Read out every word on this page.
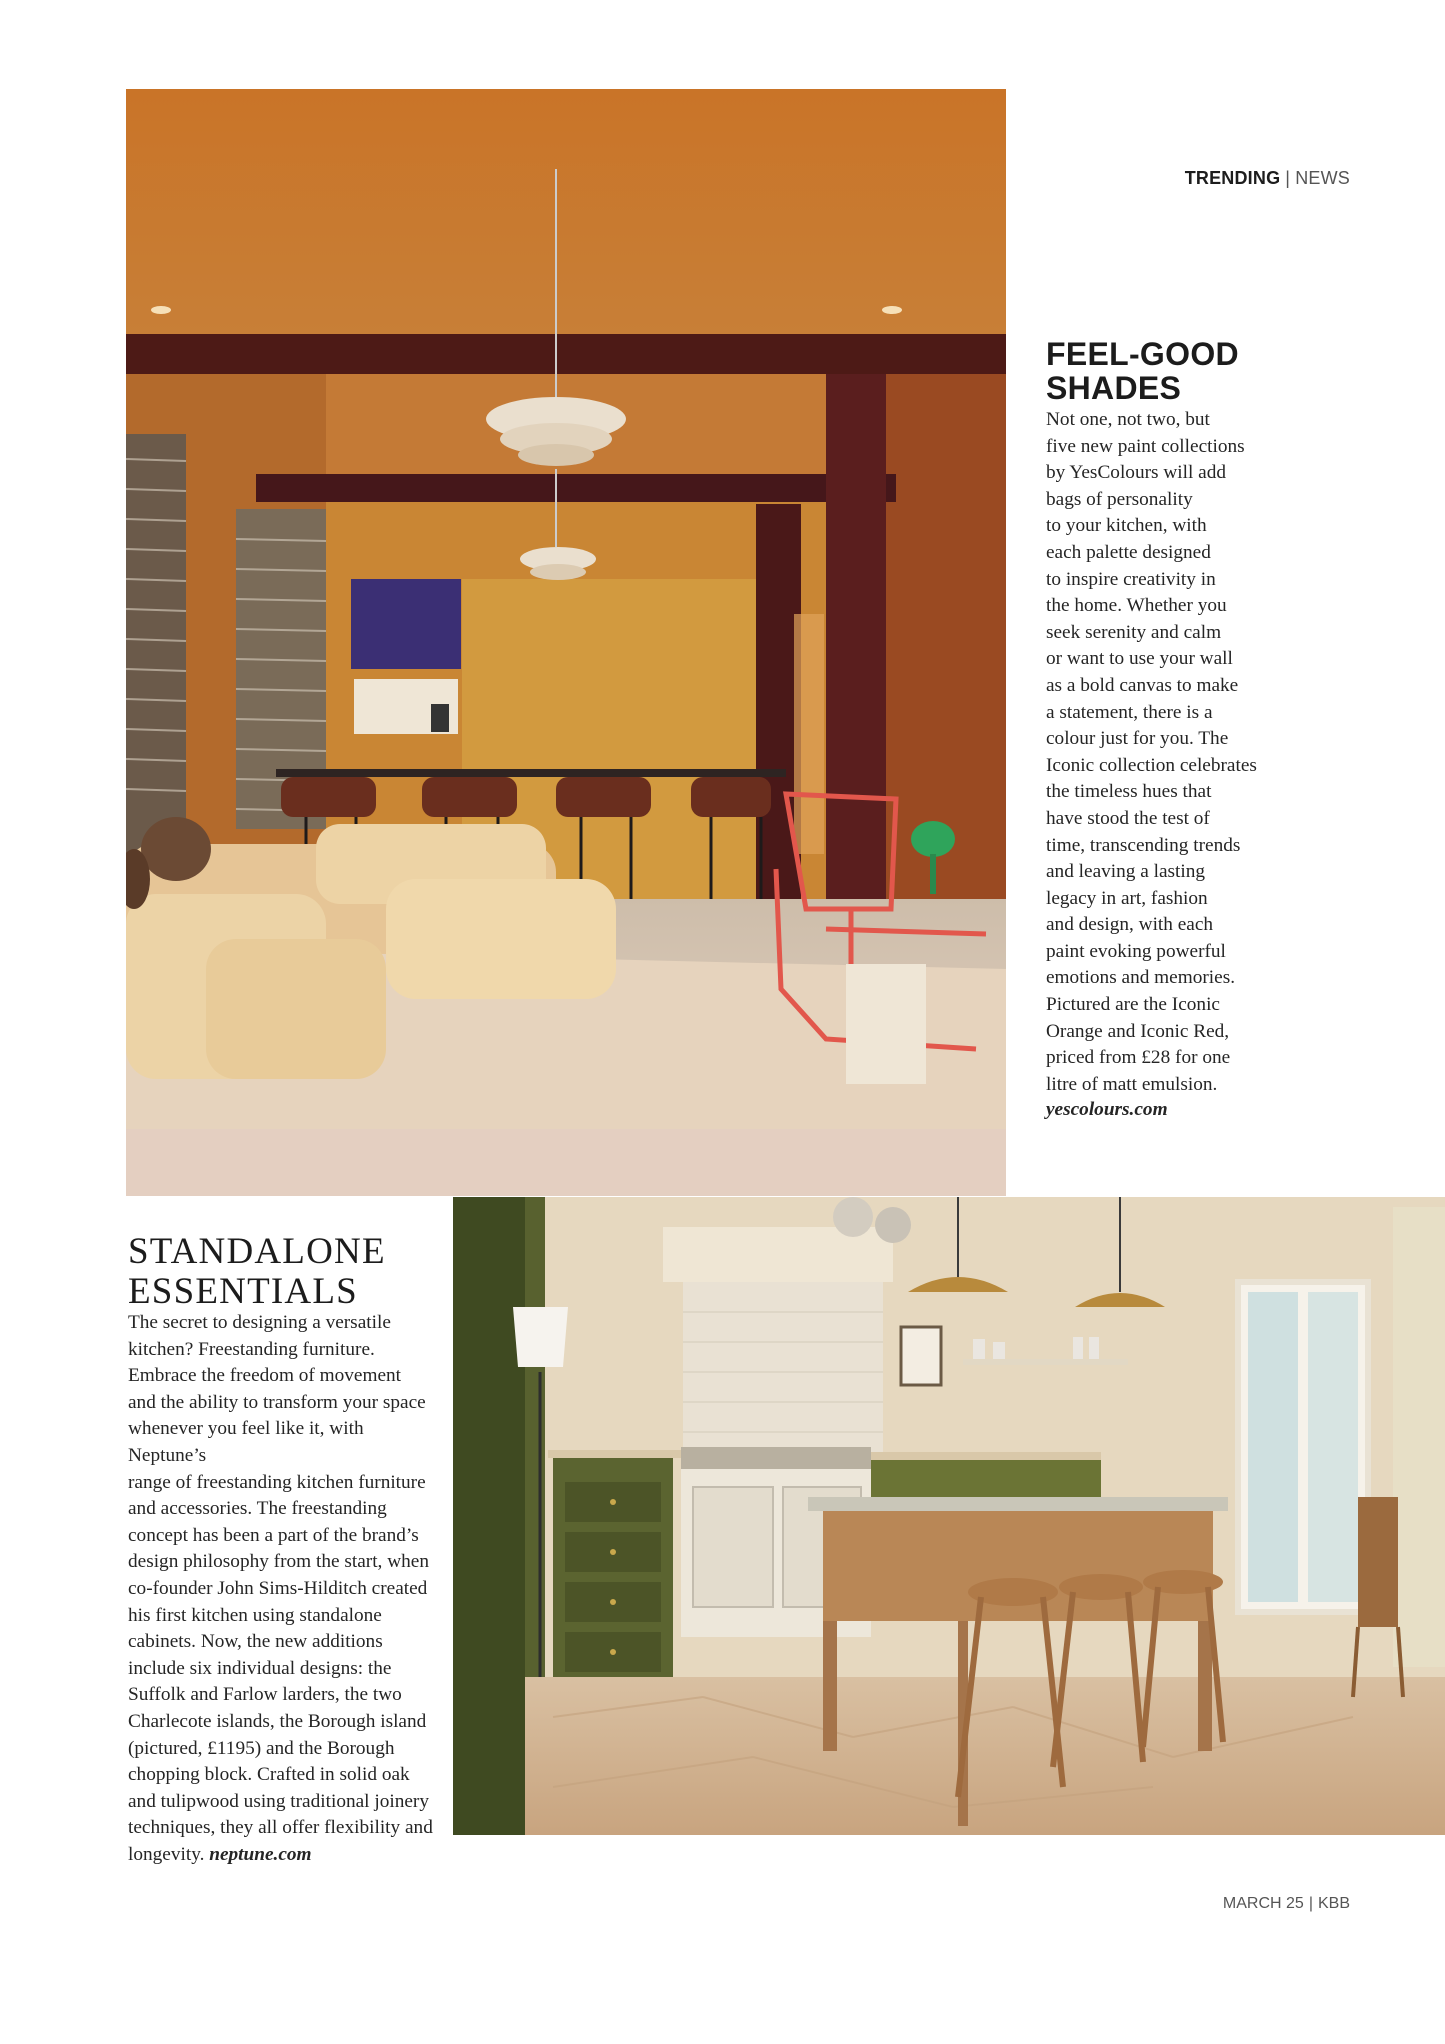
TRENDING | NEWS
FEEL-GOOD
SHADES

Not one, not two, but
five new paint collections
by YesColours will add
bags of personality
to your kitchen, with
each palette designed
to inspire creativity in
the home. Whether you
seek serenity and calm
or want to use your wall
as a bold canvas to make
a statement, there is a
colour just for you. The
Iconic collection celebrates
the timeless hues that
have stood the test of
time, transcending trends
and leaving a lasting
legacy in art, fashion
and design, with each
paint evoking powerful
emotions and memories.
Pictured are the Iconic
Orange and Iconic Red,
priced from £28 for one
litre of matt emulsion.

yescolours.com

STANDALONE
ESSENTIALS

The secret to designing a versatile
kitchen? Freestanding furniture.
Embrace the freedom of movement
and the ability to transform your space
whenever you feel like it, with Neptune’s
range of freestanding kitchen furniture
and accessories. The freestanding
concept has been a part of the brand’s
design philosophy from the start, when
co-founder John Sims-Hilditch created
his first kitchen using standalone
cabinets. Now, the new additions
include six individual designs: the
Suffolk and Farlow larders, the two
Charlecote islands, the Borough island
(pictured, £1195) and the Borough
chopping block. Crafted in solid oak
and tulipwood using traditional joinery
techniques, they all offer flexibility and
longevity. neptune.com

MARCH 25 | KBB
